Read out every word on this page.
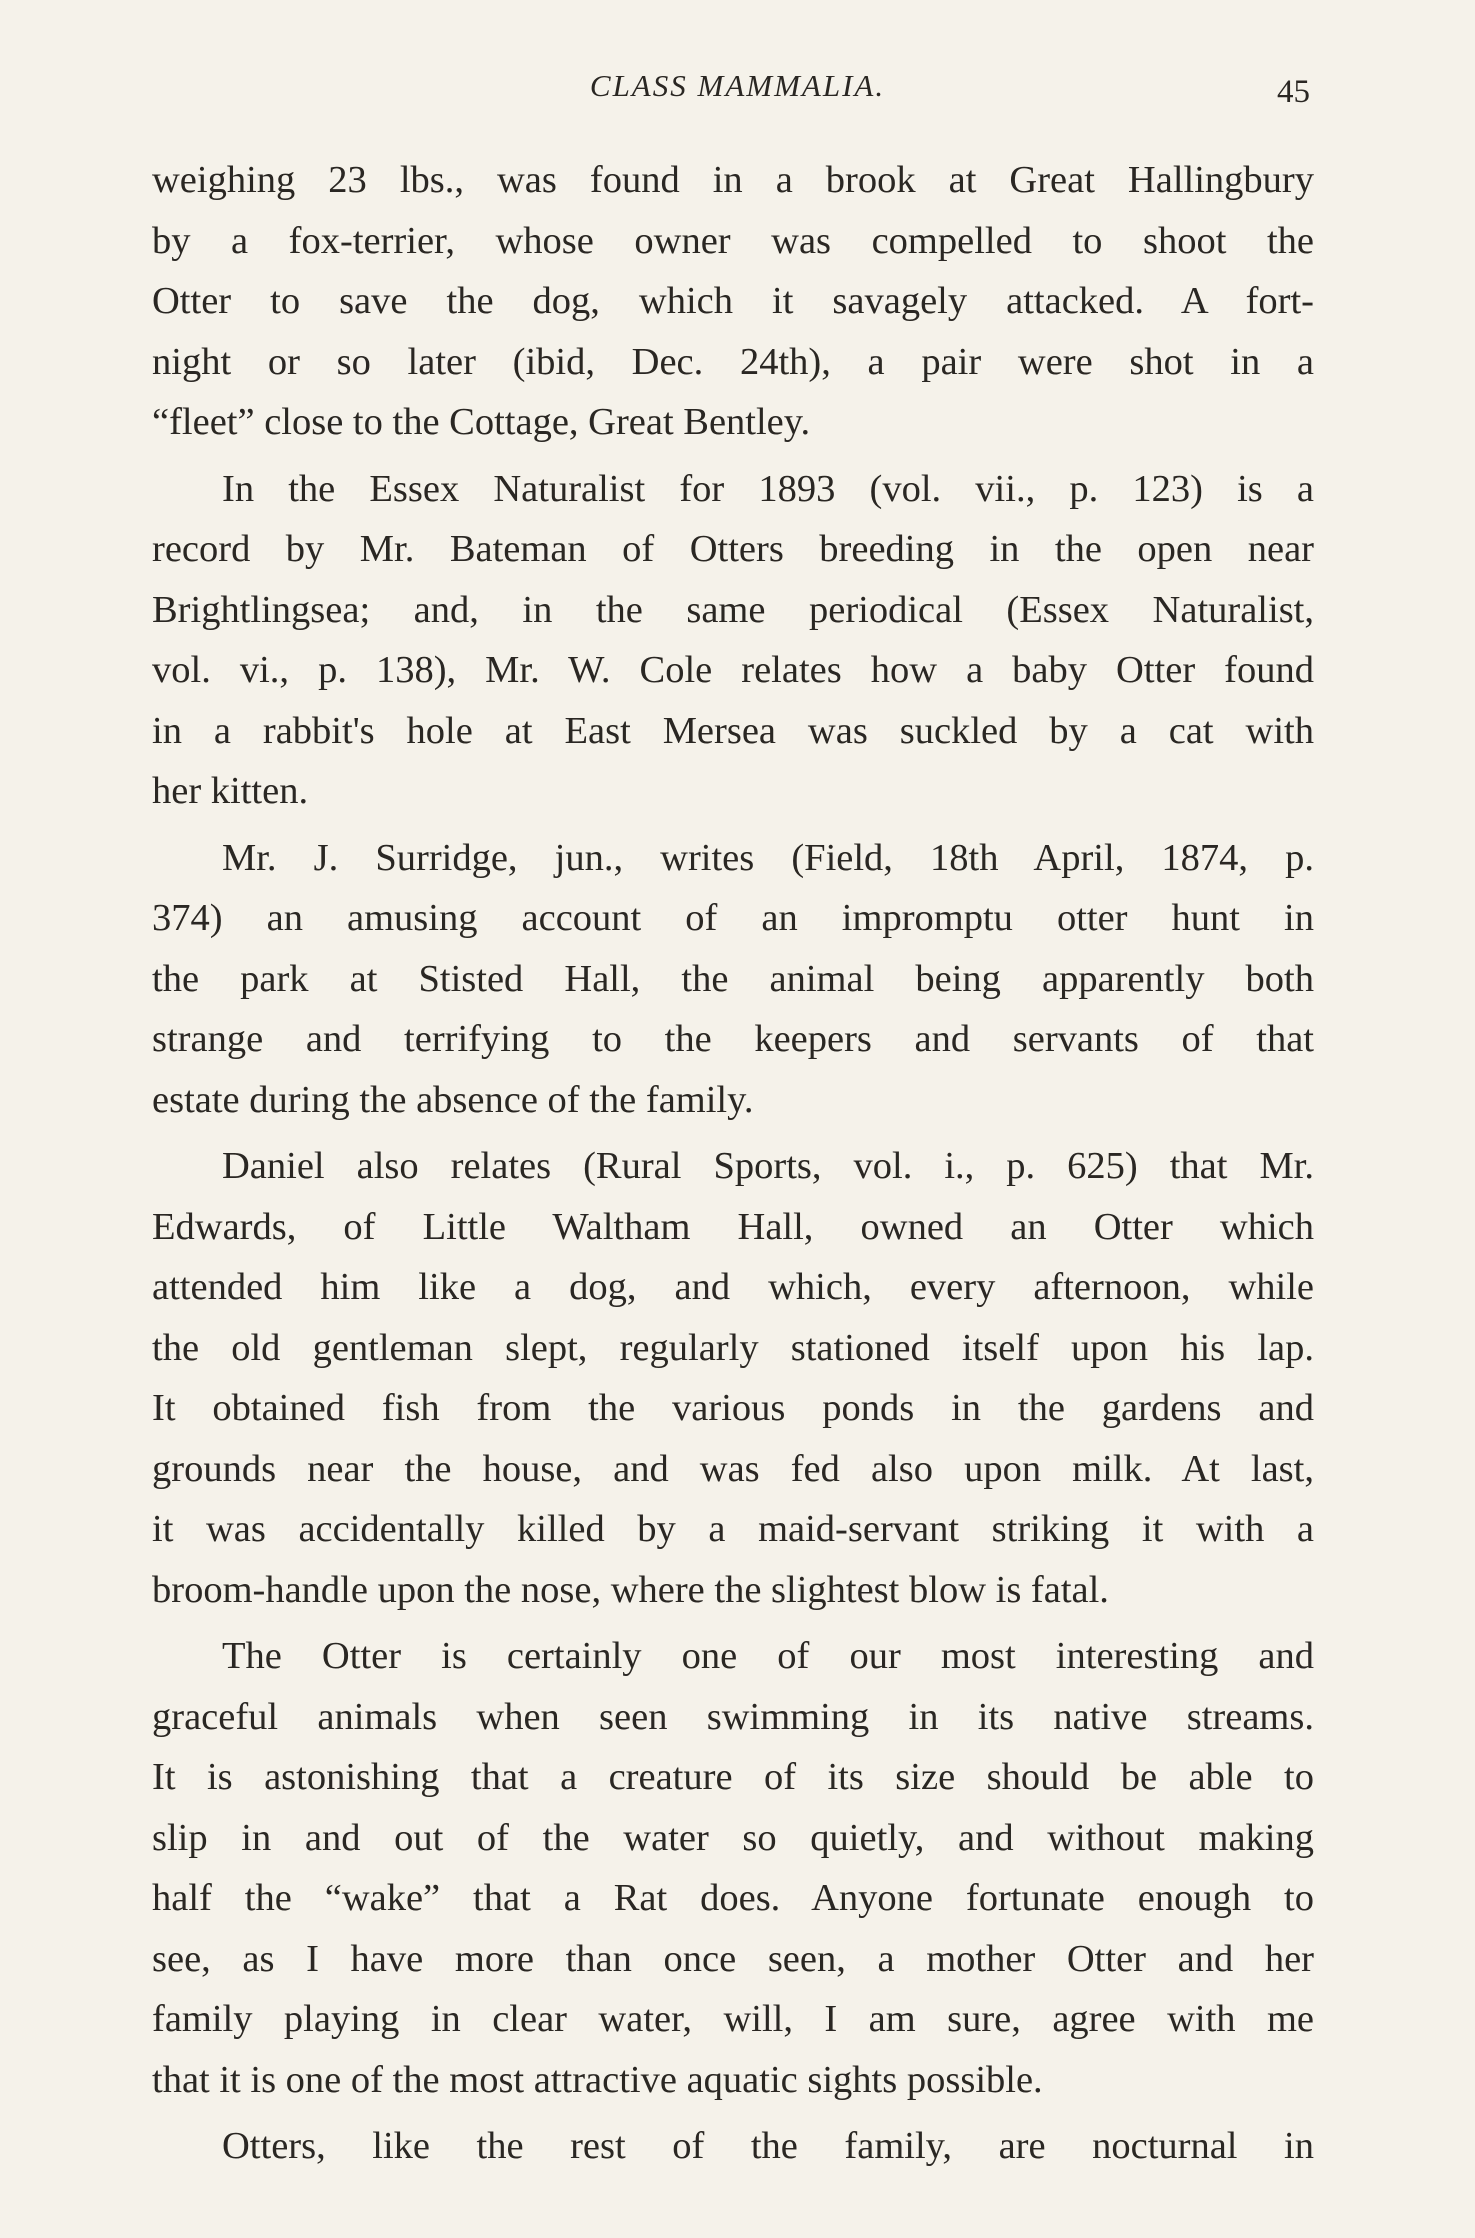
CLASS MAMMALIA.	45
weighing 23 lbs., was found in a brook at Great Hallingbury
by a fox-terrier, whose owner was compelled to shoot the
Otter to save the dog, which it savagely attacked. A fort-
night or so later (ibid, Dec. 24th), a pair were shot in a
“fleet” close to the Cottage, Great Bentley.
In the Essex Naturalist for 1893 (vol. vii., p. 123) is a
record by Mr. Bateman of Otters breeding in the open near
Brightlingsea; and, in the same periodical (Essex Naturalist,
vol. vi., p. 138), Mr. W. Cole relates how a baby Otter found
in a rabbit's hole at East Mersea was suckled by a cat with
her kitten.
Mr. J. Surridge, jun., writes (Field, 18th April, 1874, p.
374) an amusing account of an impromptu otter hunt in
the park at Stisted Hall, the animal being apparently both
strange and terrifying to the keepers and servants of that
estate during the absence of the family.
Daniel also relates (Rural Sports, vol. i., p. 625) that Mr.
Edwards, of Little Waltham Hall, owned an Otter which
attended him like a dog, and which, every afternoon, while
the old gentleman slept, regularly stationed itself upon his lap.
It obtained fish from the various ponds in the gardens and
grounds near the house, and was fed also upon milk. At last,
it was accidentally killed by a maid-servant striking it with a
broom-handle upon the nose, where the slightest blow is fatal.
The Otter is certainly one of our most interesting and
graceful animals when seen swimming in its native streams.
It is astonishing that a creature of its size should be able to
slip in and out of the water so quietly, and without making
half the “wake” that a Rat does. Anyone fortunate enough to
see, as I have more than once seen, a mother Otter and her
family playing in clear water, will, I am sure, agree with me
that it is one of the most attractive aquatic sights possible.
Otters, like the rest of the family, are nocturnal in
